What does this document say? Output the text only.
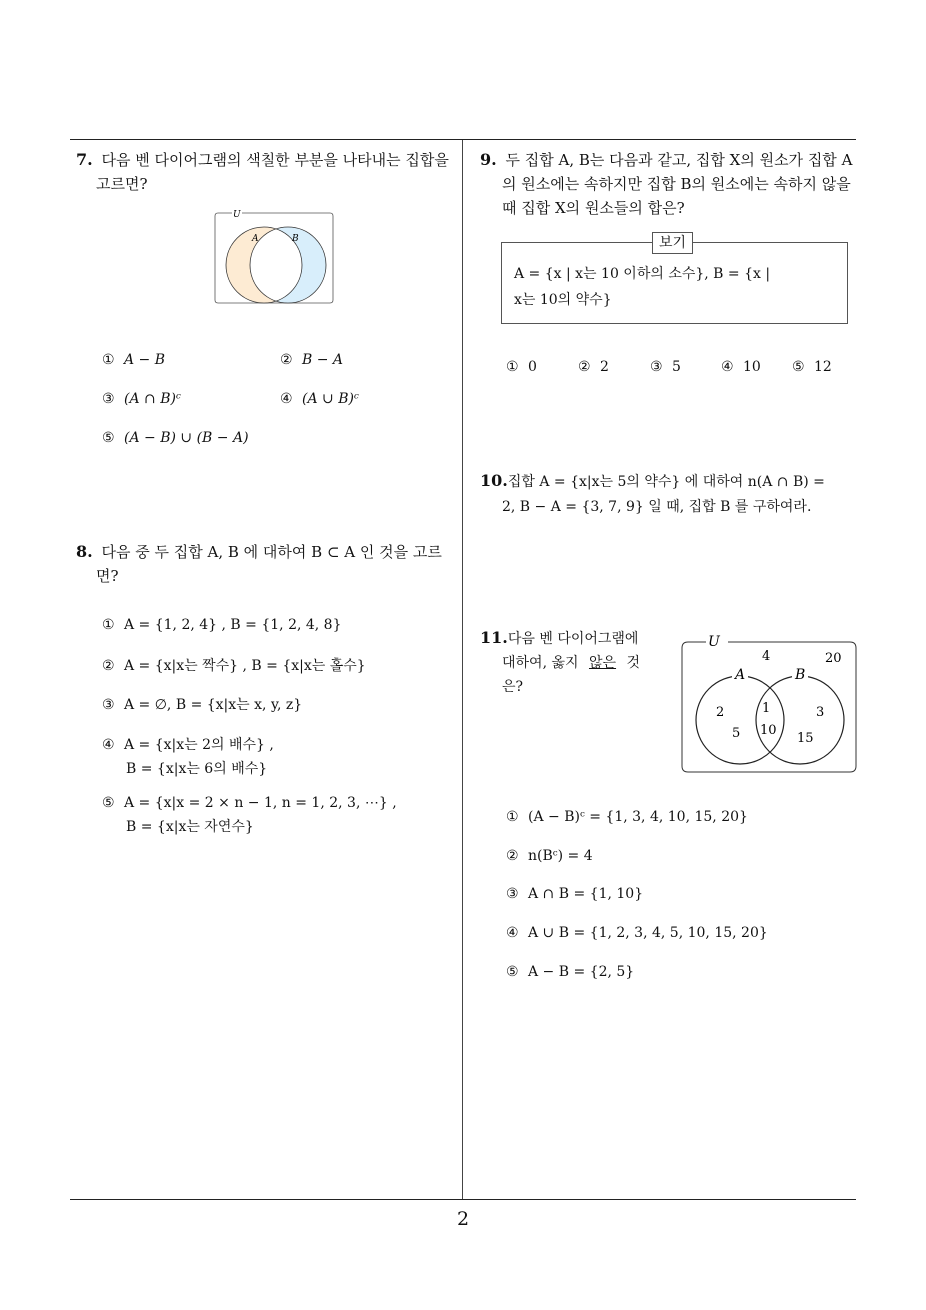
7. 다음 벤 다이어그램의 색칠한 부분을 나타내는 집합을
고르면?
U
A	B
① A − B	② B − A
③ (A ∩ B)ᶜ	④ (A ∪ B)ᶜ
⑤ (A − B) ∪ (B − A)
8. 다음 중 두 집합 A, B 에 대하여 B ⊂ A 인 것을 고르
면?
① A = {1, 2, 4} , B = {1, 2, 4, 8}
② A = {x|x는 짝수} , B = {x|x는 홀수}
③ A = ∅, B = {x|x는 x, y, z}
④ A = {x|x는 2의 배수} ,
B = {x|x는 6의 배수}
⑤ A = {x|x = 2 × n − 1, n = 1, 2, 3, ⋯} ,
B = {x|x는 자연수}
9. 두 집합 A, B는 다음과 같고, 집합 X의 원소가 집합 A
의 원소에는 속하지만 집합 B의 원소에는 속하지 않을
때 집합 X의 원소들의 합은?
보기
A = {x | x는 10 이하의 소수}, B = {x |
x는 10의 약수}
① 0	② 2	③ 5	④ 10 ⑤ 12
10.집합 A = {x|x는 5의 약수} 에 대하여 n(A ∩ B) =
2, B − A = {3, 7, 9} 일 때, 집합 B 를 구하여라.
11.다음 벤 다이어그램에
대하여, 옳지 않은 것
은?
U
A	B
4	20
2
5
1
10
3
15
① (A − B)ᶜ = {1, 3, 4, 10, 15, 20}
② n(Bᶜ) = 4
③ A ∩ B = {1, 10}
④ A ∪ B = {1, 2, 3, 4, 5, 10, 15, 20}
⑤ A − B = {2, 5}
2
